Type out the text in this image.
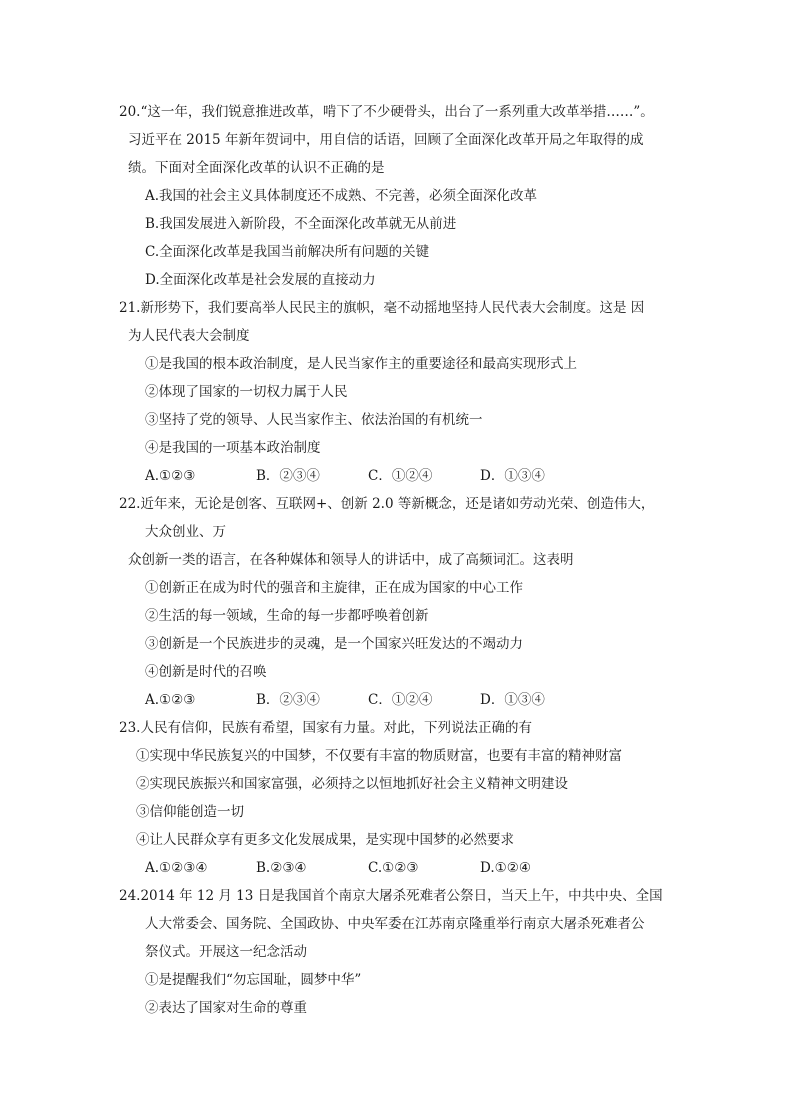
20.“这一年，我们锐意推进改革，啃下了不少硬骨头，出台了一系列重大改革举措……”。
习近平在 2015 年新年贺词中，用自信的话语，回顾了全面深化改革开局之年取得的成
绩。下面对全面深化改革的认识不正确的是
A.我国的社会主义具体制度还不成熟、不完善，必须全面深化改革
B.我国发展进入新阶段，不全面深化改革就无从前进
C.全面深化改革是我国当前解决所有问题的关键
D.全面深化改革是社会发展的直接动力
21.新形势下，我们要高举人民民主的旗帜，毫不动摇地坚持人民代表大会制度。这是 因
为人民代表大会制度
①是我国的根本政治制度，是人民当家作主的重要途径和最高实现形式上
②体现了国家的一切权力属于人民
③坚持了党的领导、人民当家作主、依法治国的有机统一
④是我国的一项基本政治制度
A.①②③	B．②③④	C．①②④	D．①③④
22.近年来，无论是创客、互联网+、创新 2.0 等新概念，还是诸如劳动光荣、创造伟大，
大众创业、万
众创新一类的语言，在各种媒体和领导人的讲话中，成了高频词汇。这表明
①创新正在成为时代的强音和主旋律，正在成为国家的中心工作
②生活的每一领域，生命的每一步都呼唤着创新
③创新是一个民族进步的灵魂，是一个国家兴旺发达的不竭动力
④创新是时代的召唤
A.①②③	B．②③④	C．①②④	D．①③④
23.人民有信仰，民族有希望，国家有力量。对此，下列说法正确的有
①实现中华民族复兴的中国梦，不仅要有丰富的物质财富，也要有丰富的精神财富
②实现民族振兴和国家富强，必须持之以恒地抓好社会主义精神文明建设
③信仰能创造一切
④让人民群众享有更多文化发展成果，是实现中国梦的必然要求
A.①②③④	B.②③④	C.①②③	D.①②④
24.2014 年 12 月 13 日是我国首个南京大屠杀死难者公祭日，当天上午，中共中央、全国
人大常委会、国务院、全国政协、中央军委在江苏南京隆重举行南京大屠杀死难者公
祭仪式。开展这一纪念活动
①是提醒我们“勿忘国耻，圆梦中华”
②表达了国家对生命的尊重
